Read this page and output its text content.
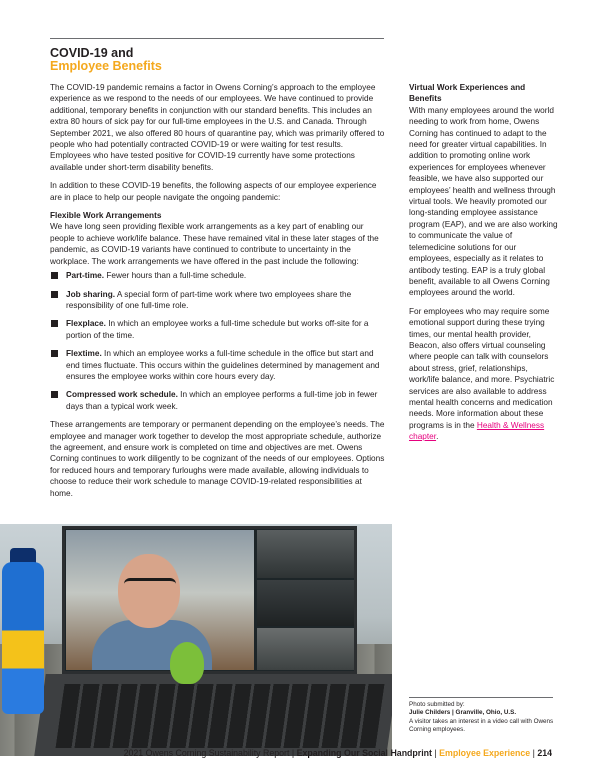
COVID-19 and
Employee Benefits

The COVID-19 pandemic remains a factor in Owens Corning’s approach to the employee experience as we respond to the needs of our employees. We have continued to provide additional, temporary benefits in conjunction with our standard benefits. This includes an extra 80 hours of sick pay for our full-time employees in the U.S. and Canada. Through September 2021, we also offered 80 hours of quarantine pay, which was primarily offered to people who had potentially contracted COVID-19 or were waiting for test results. Employees who have tested positive for COVID-19 currently have some protections available under short-term disability benefits.

In addition to these COVID-19 benefits, the following aspects of our employee experience are in place to help our people navigate the ongoing pandemic:

Flexible Work Arrangements

We have long seen providing flexible work arrangements as a key part of enabling our people to achieve work/life balance. These have remained vital in these later stages of the pandemic, as COVID-19 variants have continued to contribute to uncertainty in the workplace. The work arrangements we have offered in the past include the following:

Part-time. Fewer hours than a full-time schedule.
Job sharing. A special form of part-time work where two employees share the responsibility of one full-time role.
Flexplace. In which an employee works a full-time schedule but works off-site for a portion of the time.
Flextime. In which an employee works a full-time schedule in the office but start and end times fluctuate. This occurs within the guidelines determined by management and ensures the employee works within core hours every day.
Compressed work schedule. In which an employee performs a full-time job in fewer days than a typical work week.

These arrangements are temporary or permanent depending on the employee’s needs. The employee and manager work together to develop the most appropriate schedule, authorize the agreement, and ensure work is completed on time and objectives are met. Owens Corning continues to work diligently to be cognizant of the needs of our employees. Options for reduced hours and temporary furloughs were made available, allowing individuals to choose to reduce their work schedule to manage COVID-19-related responsibilities at home.

Virtual Work Experiences and Benefits

With many employees around the world needing to work from home, Owens Corning has continued to adapt to the need for greater virtual capabilities. In addition to promoting online work experiences for employees whenever feasible, we have also supported our employees’ health and wellness through virtual tools. We heavily promoted our long-standing employee assistance program (EAP), and we are also working to communicate the value of telemedicine solutions for our employees, especially as it relates to antibody testing. EAP is a truly global benefit, available to all Owens Corning employees around the world.

For employees who may require some emotional support during these trying times, our mental health provider, Beacon, also offers virtual counseling where people can talk with counselors about stress, grief, relationships, work/life balance, and more. Psychiatric services are also available to address mental health concerns and medication needs. More information about these programs is in the Health & Wellness chapter.

Photo submitted by:
Julie Childers | Granville, Ohio, U.S.
A visitor takes an interest in a video call with Owens Corning employees.
2021 Owens Corning Sustainability Report | Expanding Our Social Handprint | Employee Experience | 214
